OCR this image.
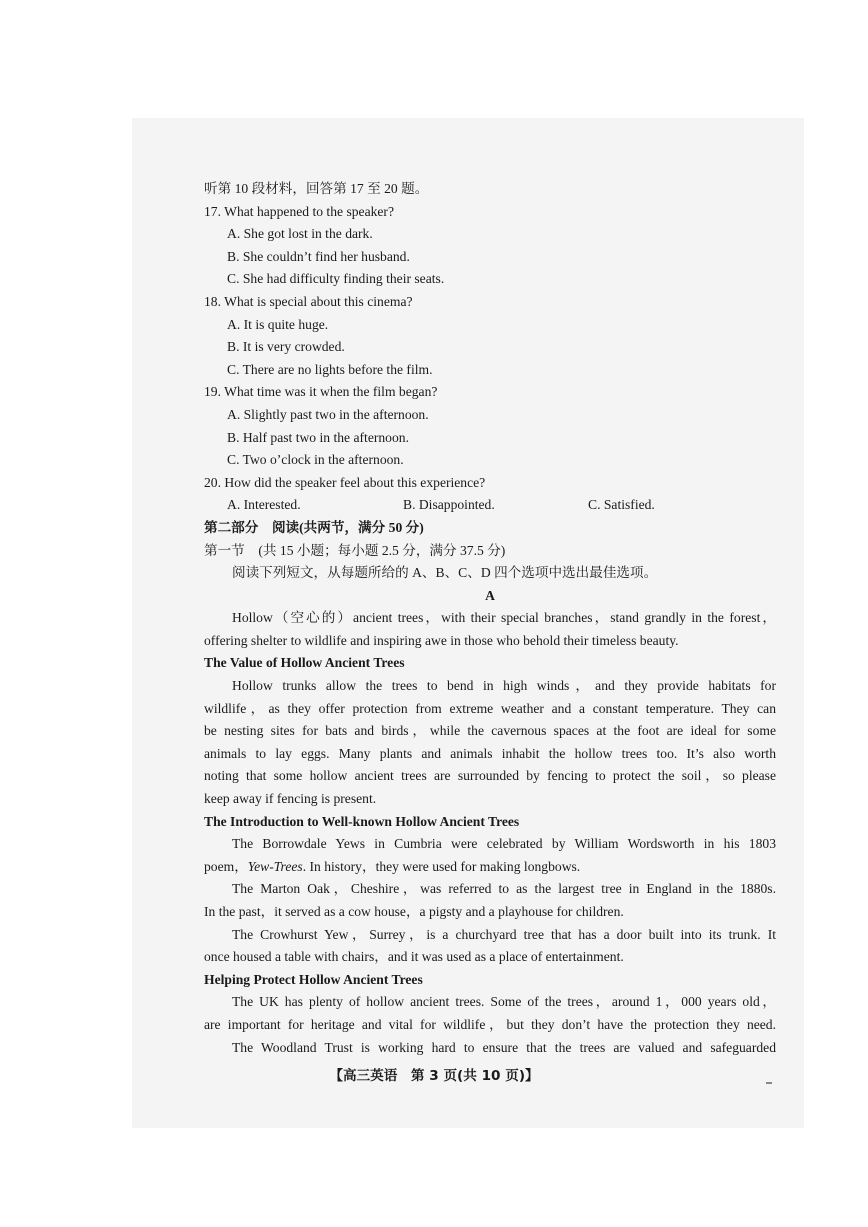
听第 10 段材料，回答第 17 至 20 题。
17. What happened to the speaker?
A. She got lost in the dark.
B. She couldn’t find her husband.
C. She had difficulty finding their seats.
18. What is special about this cinema?
A. It is quite huge.
B. It is very crowded.
C. There are no lights before the film.
19. What time was it when the film began?
A. Slightly past two in the afternoon.
B. Half past two in the afternoon.
C. Two o’clock in the afternoon.
20. How did the speaker feel about this experience?
A. Interested.	B. Disappointed.	C. Satisfied.
第二部分　阅读(共两节，满分 50 分)
第一节　(共 15 小题；每小题 2.5 分，满分 37.5 分)
阅读下列短文，从每题所给的 A、B、C、D 四个选项中选出最佳选项。
A
Hollow（空心的）ancient trees，with their special branches，stand grandly in the forest，
offering shelter to wildlife and inspiring awe in those who behold their timeless beauty.
The Value of Hollow Ancient Trees
Hollow trunks allow the trees to bend in high winds，and they provide habitats for
wildlife，as they offer protection from extreme weather and a constant temperature. They can
be nesting sites for bats and birds，while the cavernous spaces at the foot are ideal for some
animals to lay eggs. Many plants and animals inhabit the hollow trees too. It’s also worth
noting that some hollow ancient trees are surrounded by fencing to protect the soil，so please
keep away if fencing is present.
The Introduction to Well-known Hollow Ancient Trees
The Borrowdale Yews in Cumbria were celebrated by William Wordsworth in his 1803
poem，Yew-Trees. In history，they were used for making longbows.
The Marton Oak，Cheshire，was referred to as the largest tree in England in the 1880s.
In the past，it served as a cow house，a pigsty and a playhouse for children.
The Crowhurst Yew，Surrey，is a churchyard tree that has a door built into its trunk. It
once housed a table with chairs，and it was used as a place of entertainment.
Helping Protect Hollow Ancient Trees
The UK has plenty of hollow ancient trees. Some of the trees，around 1，000 years old，
are important for heritage and vital for wildlife，but they don’t have the protection they need.
The Woodland Trust is working hard to ensure that the trees are valued and safeguarded
【高三英语　第 3 页(共 10 页)】
